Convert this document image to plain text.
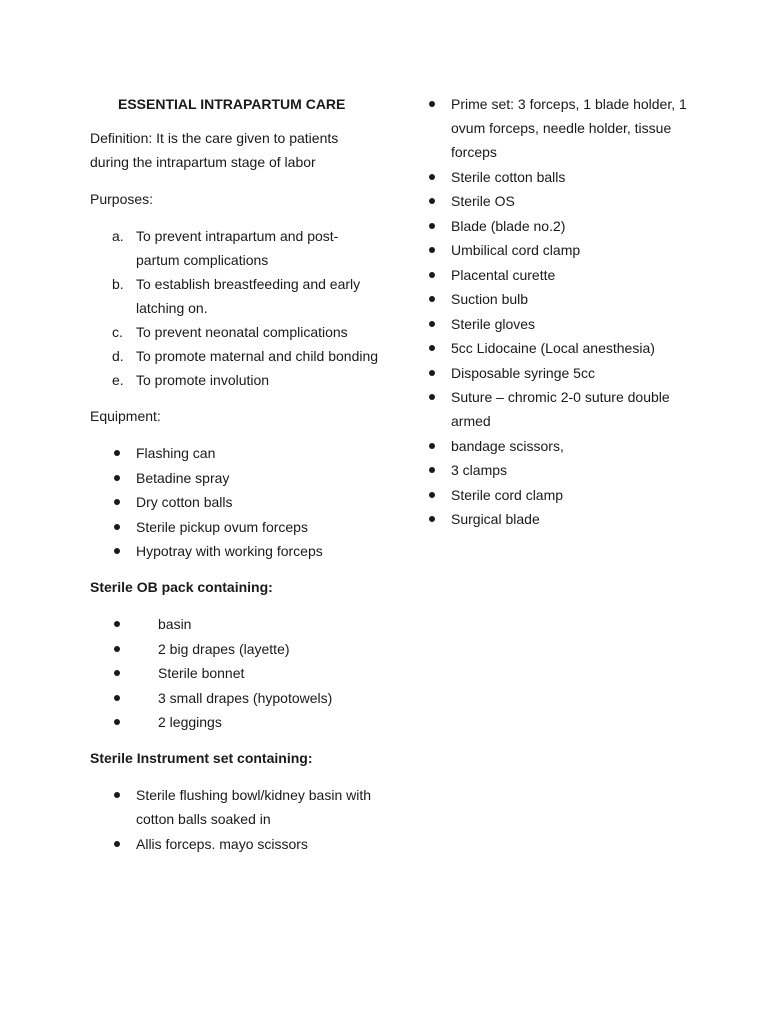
ESSENTIAL INTRAPARTUM CARE

Definition: It is the care given to patients during the intrapartum stage of labor

Purposes:

a. To prevent intrapartum and post-partum complications
b. To establish breastfeeding and early latching on.
c. To prevent neonatal complications
d. To promote maternal and child bonding
e. To promote involution

Equipment:

Flashing can
Betadine spray
Dry cotton balls
Sterile pickup ovum forceps
Hypotray with working forceps

Sterile OB pack containing:

basin
2 big drapes (layette)
Sterile bonnet
3 small drapes (hypotowels)
2 leggings

Sterile Instrument set containing:

Sterile flushing bowl/kidney basin with cotton balls soaked in
Allis forceps. mayo scissors
Prime set: 3 forceps, 1 blade holder, 1 ovum forceps, needle holder, tissue forceps
Sterile cotton balls
Sterile OS
Blade (blade no.2)
Umbilical cord clamp
Placental curette
Suction bulb
Sterile gloves
5cc Lidocaine (Local anesthesia)
Disposable syringe 5cc
Suture – chromic 2-0 suture double armed
bandage scissors,
3 clamps
Sterile cord clamp
Surgical blade
